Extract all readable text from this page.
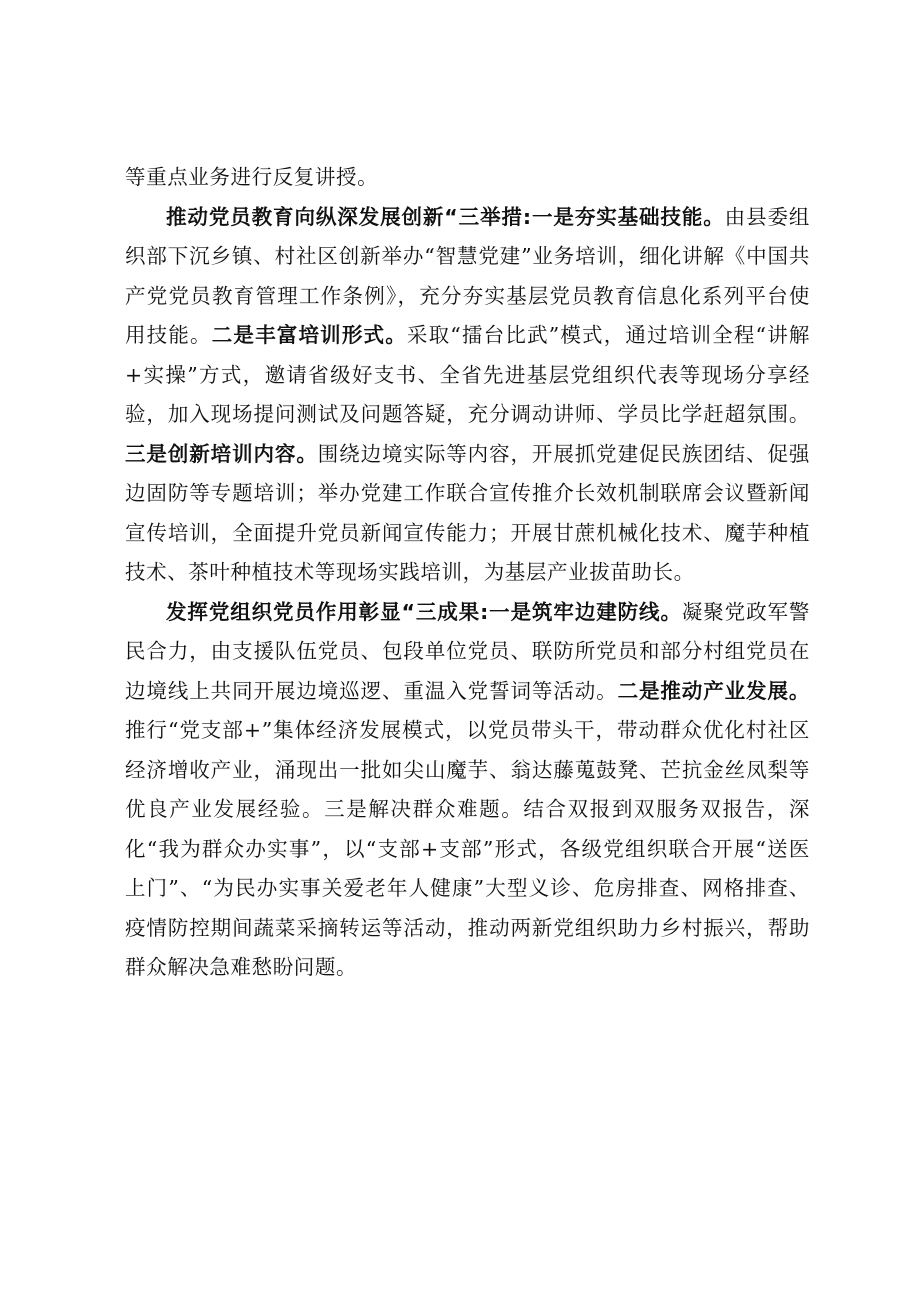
等重点业务进行反复讲授。

推动党员教育向纵深发展创新“三举措:一是夯实基础技能。由县委组织部下沉乡镇、村社区创新举办“智慧党建”业务培训，细化讲解《中国共产党党员教育管理工作条例》，充分夯实基层党员教育信息化系列平台使用技能。二是丰富培训形式。采取“擂台比武”模式，通过培训全程“讲解+实操”方式，邀请省级好支书、全省先进基层党组织代表等现场分享经验，加入现场提问测试及问题答疑，充分调动讲师、学员比学赶超氛围。三是创新培训内容。围绕边境实际等内容，开展抓党建促民族团结、促强边固防等专题培训；举办党建工作联合宣传推介长效机制联席会议暨新闻宣传培训，全面提升党员新闻宣传能力；开展甘蔗机械化技术、魔芋种植技术、茶叶种植技术等现场实践培训，为基层产业拔苗助长。

发挥党组织党员作用彰显“三成果:一是筑牢边建防线。凝聚党政军警民合力，由支援队伍党员、包段单位党员、联防所党员和部分村组党员在边境线上共同开展边境巡逻、重温入党誓词等活动。二是推动产业发展。推行“党支部+”集体经济发展模式，以党员带头干，带动群众优化村社区经济增收产业，涌现出一批如尖山魔芋、翁达藤蒐鼓凳、芒抗金丝凤梨等优良产业发展经验。三是解决群众难题。结合双报到双服务双报告，深化“我为群众办实事”，以“支部+支部”形式，各级党组织联合开展“送医上门”、“为民办实事关爱老年人健康”大型义诊、危房排查、网格排查、疫情防控期间蔬菜采摘转运等活动，推动两新党组织助力乡村振兴，帮助群众解决急难愁盼问题。
